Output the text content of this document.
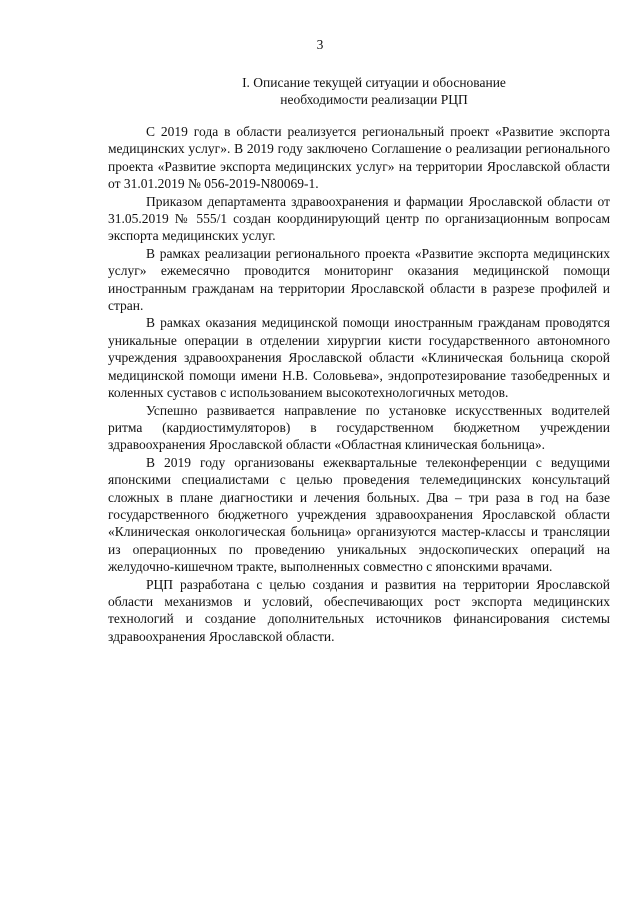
3
I. Описание текущей ситуации и обоснование
необходимости реализации РЦП

С 2019 года в области реализуется региональный проект «Развитие экспорта медицинских услуг». В 2019 году заключено Соглашение о реализации регионального проекта «Развитие экспорта медицинских услуг» на территории Ярославской области от 31.01.2019 № 056-2019-N80069-1.

Приказом департамента здравоохранения и фармации Ярославской области от 31.05.2019 № 555/1 создан координирующий центр по организационным вопросам экспорта медицинских услуг.

В рамках реализации регионального проекта «Развитие экспорта медицинских услуг» ежемесячно проводится мониторинг оказания медицинской помощи иностранным гражданам на территории Ярославской области в разрезе профилей и стран.

В рамках оказания медицинской помощи иностранным гражданам проводятся уникальные операции в отделении хирургии кисти государственного автономного учреждения здравоохранения Ярославской области «Клиническая больница скорой медицинской помощи имени Н.В. Соловьева», эндопротезирование тазобедренных и коленных суставов с использованием высокотехнологичных методов.

Успешно развивается направление по установке искусственных водителей ритма (кардиостимуляторов) в государственном бюджетном учреждении здравоохранения Ярославской области «Областная клиническая больница».

В 2019 году организованы ежеквартальные телеконференции с ведущими японскими специалистами с целью проведения телемедицинских консультаций сложных в плане диагностики и лечения больных. Два – три раза в год на базе государственного бюджетного учреждения здравоохранения Ярославской области «Клиническая онкологическая больница» организуются мастер-классы и трансляции из операционных по проведению уникальных эндоскопических операций на желудочно-кишечном тракте, выполненных совместно с японскими врачами.

РЦП разработана с целью создания и развития на территории Ярославской области механизмов и условий, обеспечивающих рост экспорта медицинских технологий и создание дополнительных источников финансирования системы здравоохранения Ярославской области.
